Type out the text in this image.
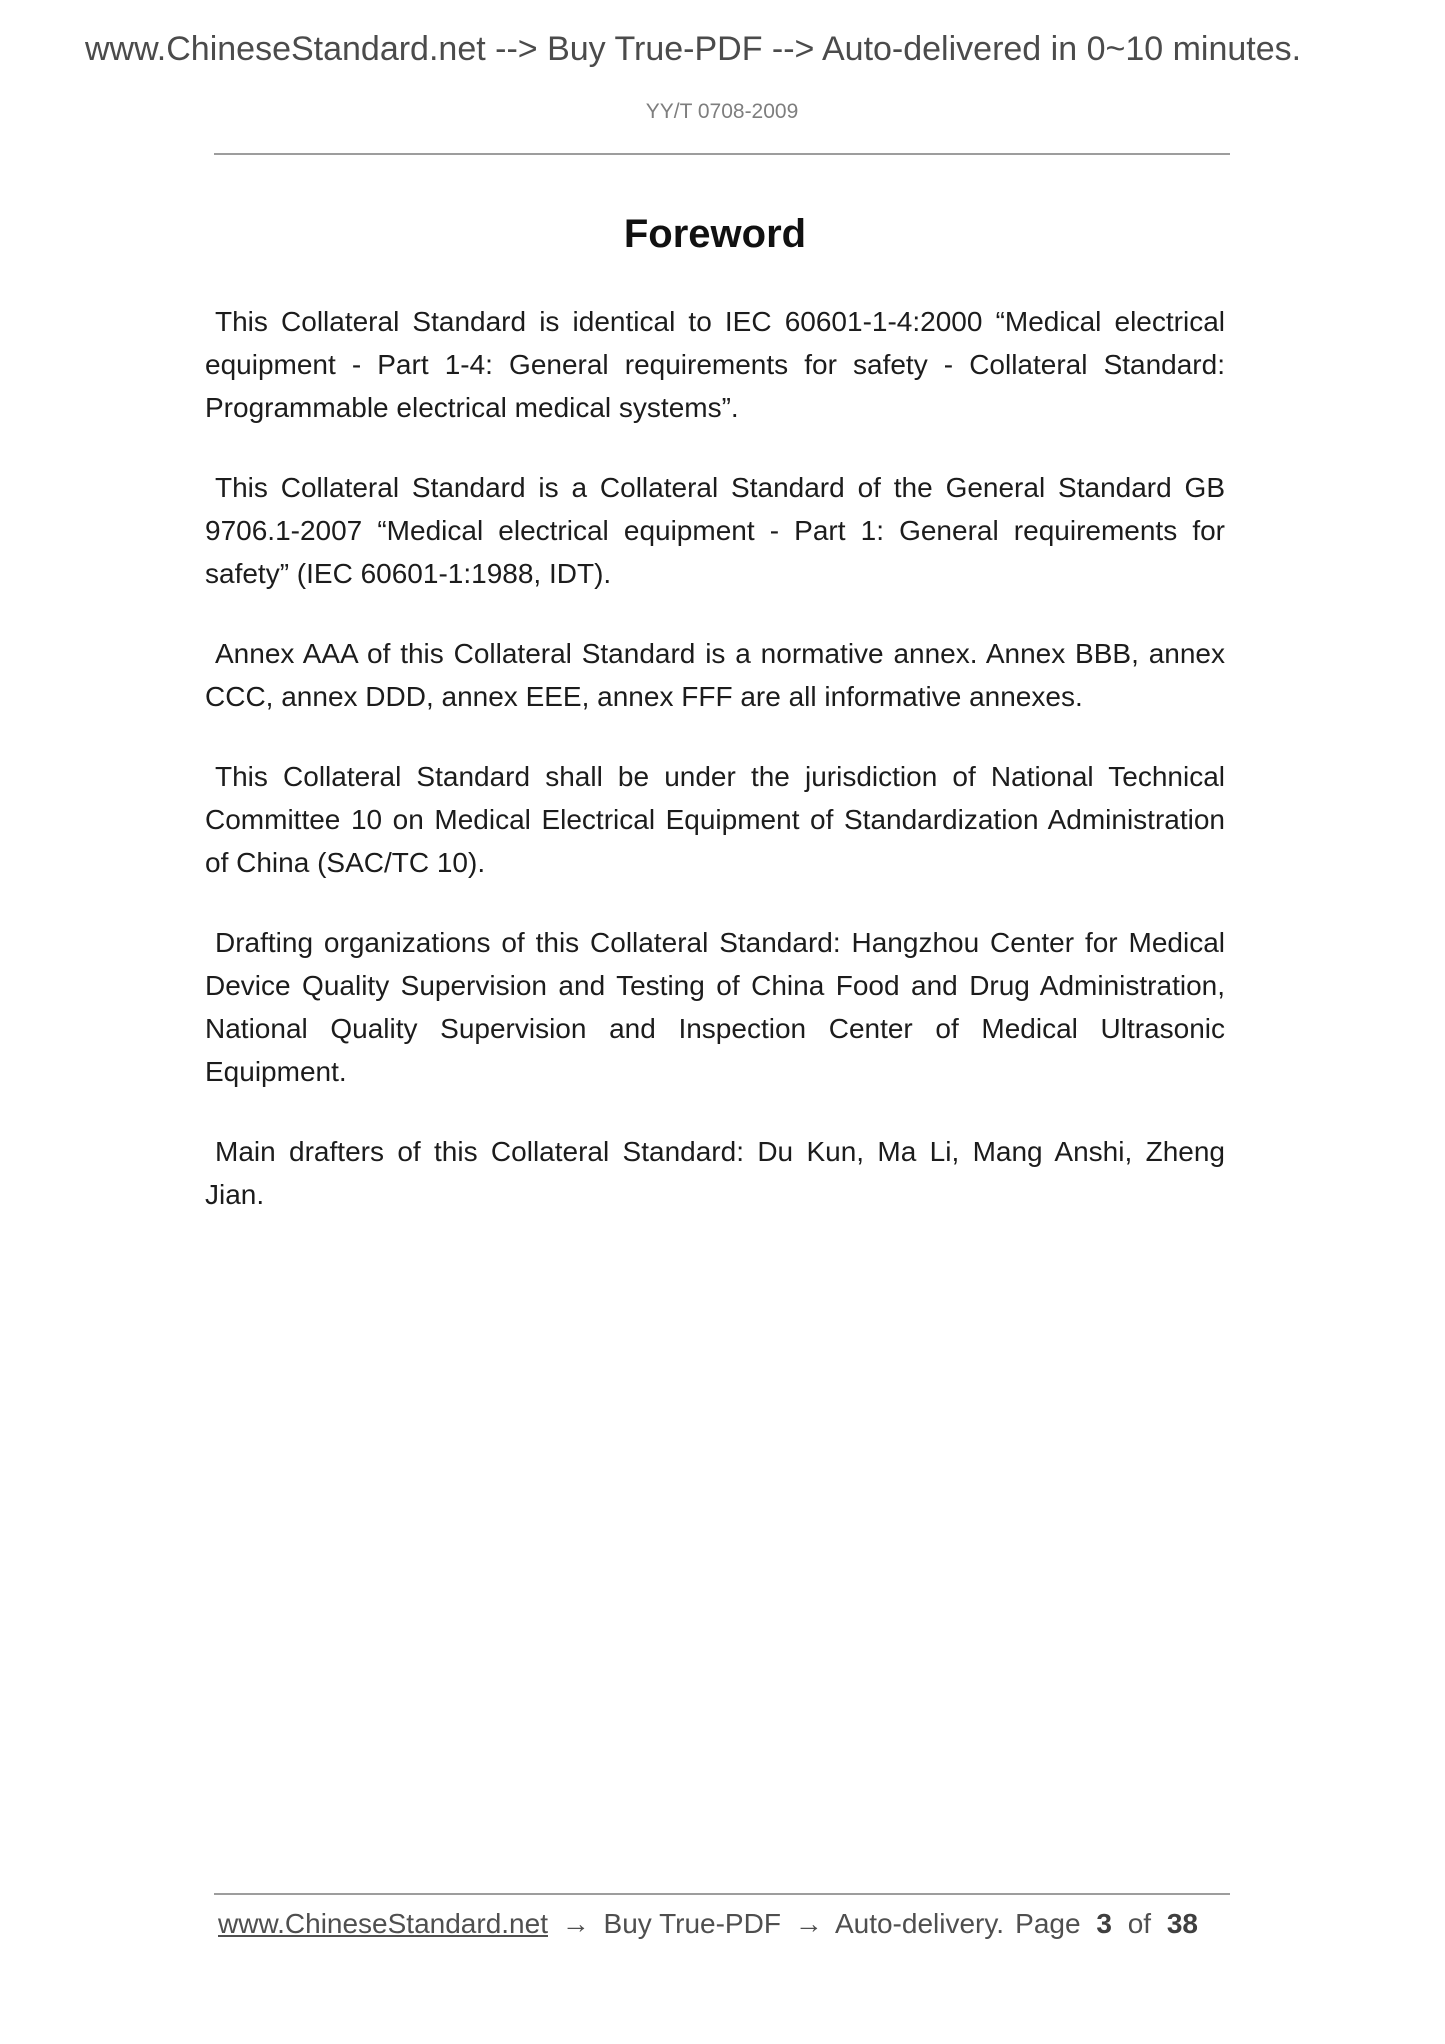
www.ChineseStandard.net --> Buy True-PDF --> Auto-delivered in 0~10 minutes.
YY/T 0708-2009
Foreword

This Collateral Standard is identical to IEC 60601-1-4:2000 “Medical electrical equipment - Part 1-4: General requirements for safety - Collateral Standard: Programmable electrical medical systems”.

This Collateral Standard is a Collateral Standard of the General Standard GB 9706.1-2007 “Medical electrical equipment - Part 1: General requirements for safety” (IEC 60601-1:1988, IDT).

Annex AAA of this Collateral Standard is a normative annex. Annex BBB, annex CCC, annex DDD, annex EEE, annex FFF are all informative annexes.

This Collateral Standard shall be under the jurisdiction of National Technical Committee 10 on Medical Electrical Equipment of Standardization Administration of China (SAC/TC 10).

Drafting organizations of this Collateral Standard: Hangzhou Center for Medical Device Quality Supervision and Testing of China Food and Drug Administration, National Quality Supervision and Inspection Center of Medical Ultrasonic Equipment.

Main drafters of this Collateral Standard: Du Kun, Ma Li, Mang Anshi, Zheng Jian.

www.ChineseStandard.net → Buy True-PDF → Auto-delivery. Page 3 of 38
